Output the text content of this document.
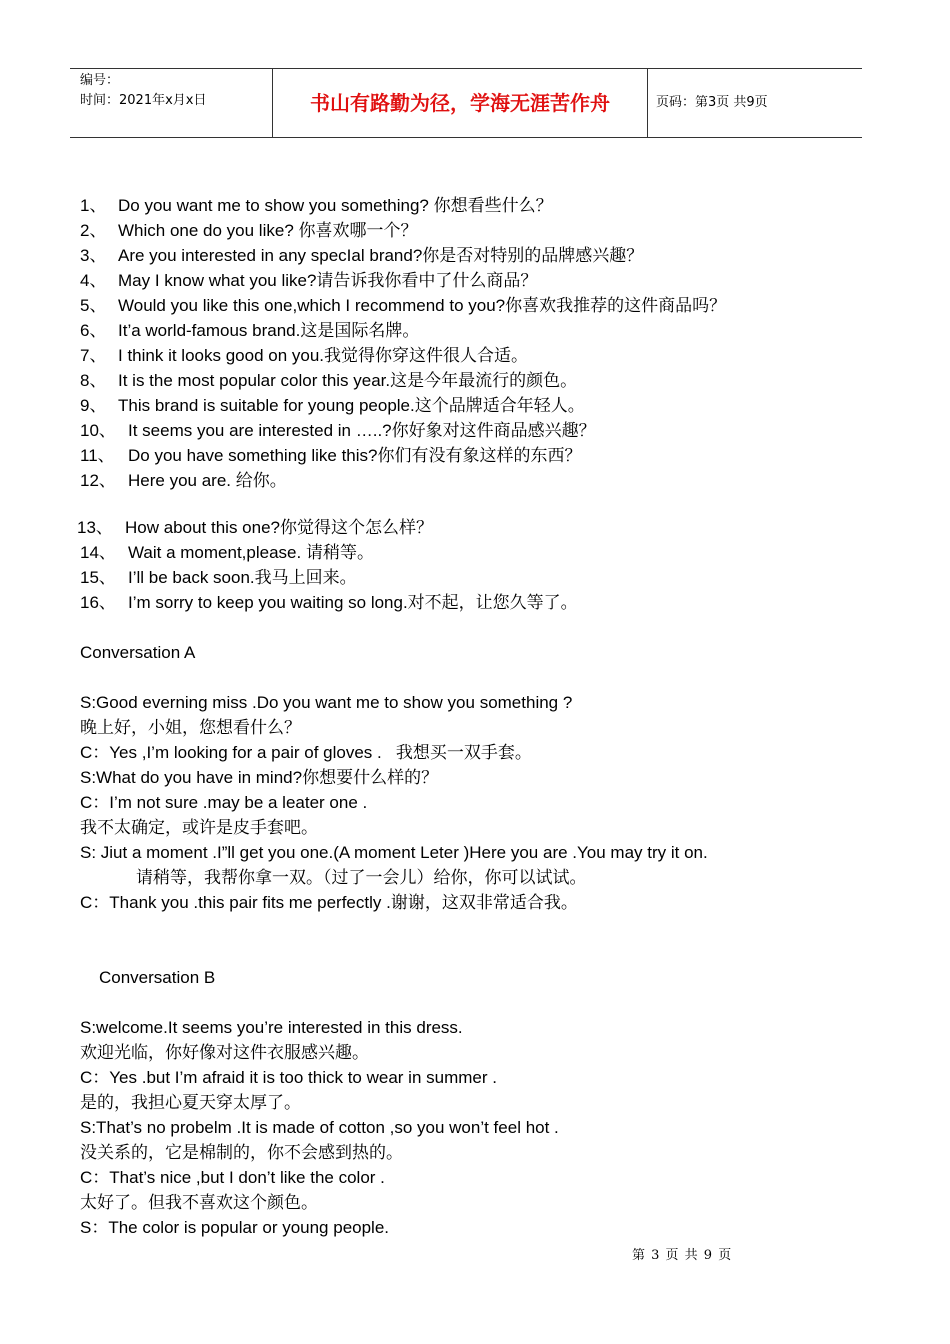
编号：
时间：2021年x月x日	书山有路勤为径，学海无涯苦作舟	页码：第3页 共9页
1、 Do you want me to show you something? 你想看些什么？
2、 Which one do you like? 你喜欢哪一个？
3、 Are you interested in any specIal brand?你是否对特别的品牌感兴趣？
4、 May I know what you like?请告诉我你看中了什么商品？
5、 Would you like this one,which I recommend to you?你喜欢我推荐的这件商品吗？
6、 It’a world-famous brand.这是国际名牌。
7、 I think it looks good on you.我觉得你穿这件很人合适。
8、 It is the most popular color this year.这是今年最流行的颜色。
9、 This brand is suitable for young people.这个品牌适合年轻人。
10、 It seems you are interested in …..?你好象对这件商品感兴趣？
11、 Do you have something like this?你们有没有象这样的东西？
12、 Here you are. 给你。
13、 How about this one?你觉得这个怎么样？
14、 Wait a moment,please. 请稍等。
15、 I’ll be back soon.我马上回来。
16、 I’m sorry to keep you waiting so long.对不起，让您久等了。
Conversation A
S:Good everning miss .Do you want me to show you something ?
晚上好，小姐，您想看什么？
C：Yes ,I’m looking for a pair of gloves .   我想买一双手套。
S:What do you have in mind?你想要什么样的？
C：I’m not sure .may be a leater one .
我不太确定，或许是皮手套吧。
S: Jiut a moment .I”ll get you one.(A moment Leter )Here you are .You may try it on.
请稍等，我帮你拿一双。（过了一会儿）给你，你可以试试。
C：Thank you .this pair fits me perfectly .谢谢，这双非常适合我。
Conversation B
S:welcome.It seems you’re interested in this dress.
欢迎光临，你好像对这件衣服感兴趣。
C：Yes .but I’m afraid it is too thick to wear in summer .
是的，我担心夏天穿太厚了。
S:That’s no probelm .It is made of cotton ,so you won’t feel hot .
没关系的，它是棉制的，你不会感到热的。
C：That’s nice ,but I don’t like the color .
太好了。但我不喜欢这个颜色。
S：The color is popular or young people.
第 3 页 共 9 页
